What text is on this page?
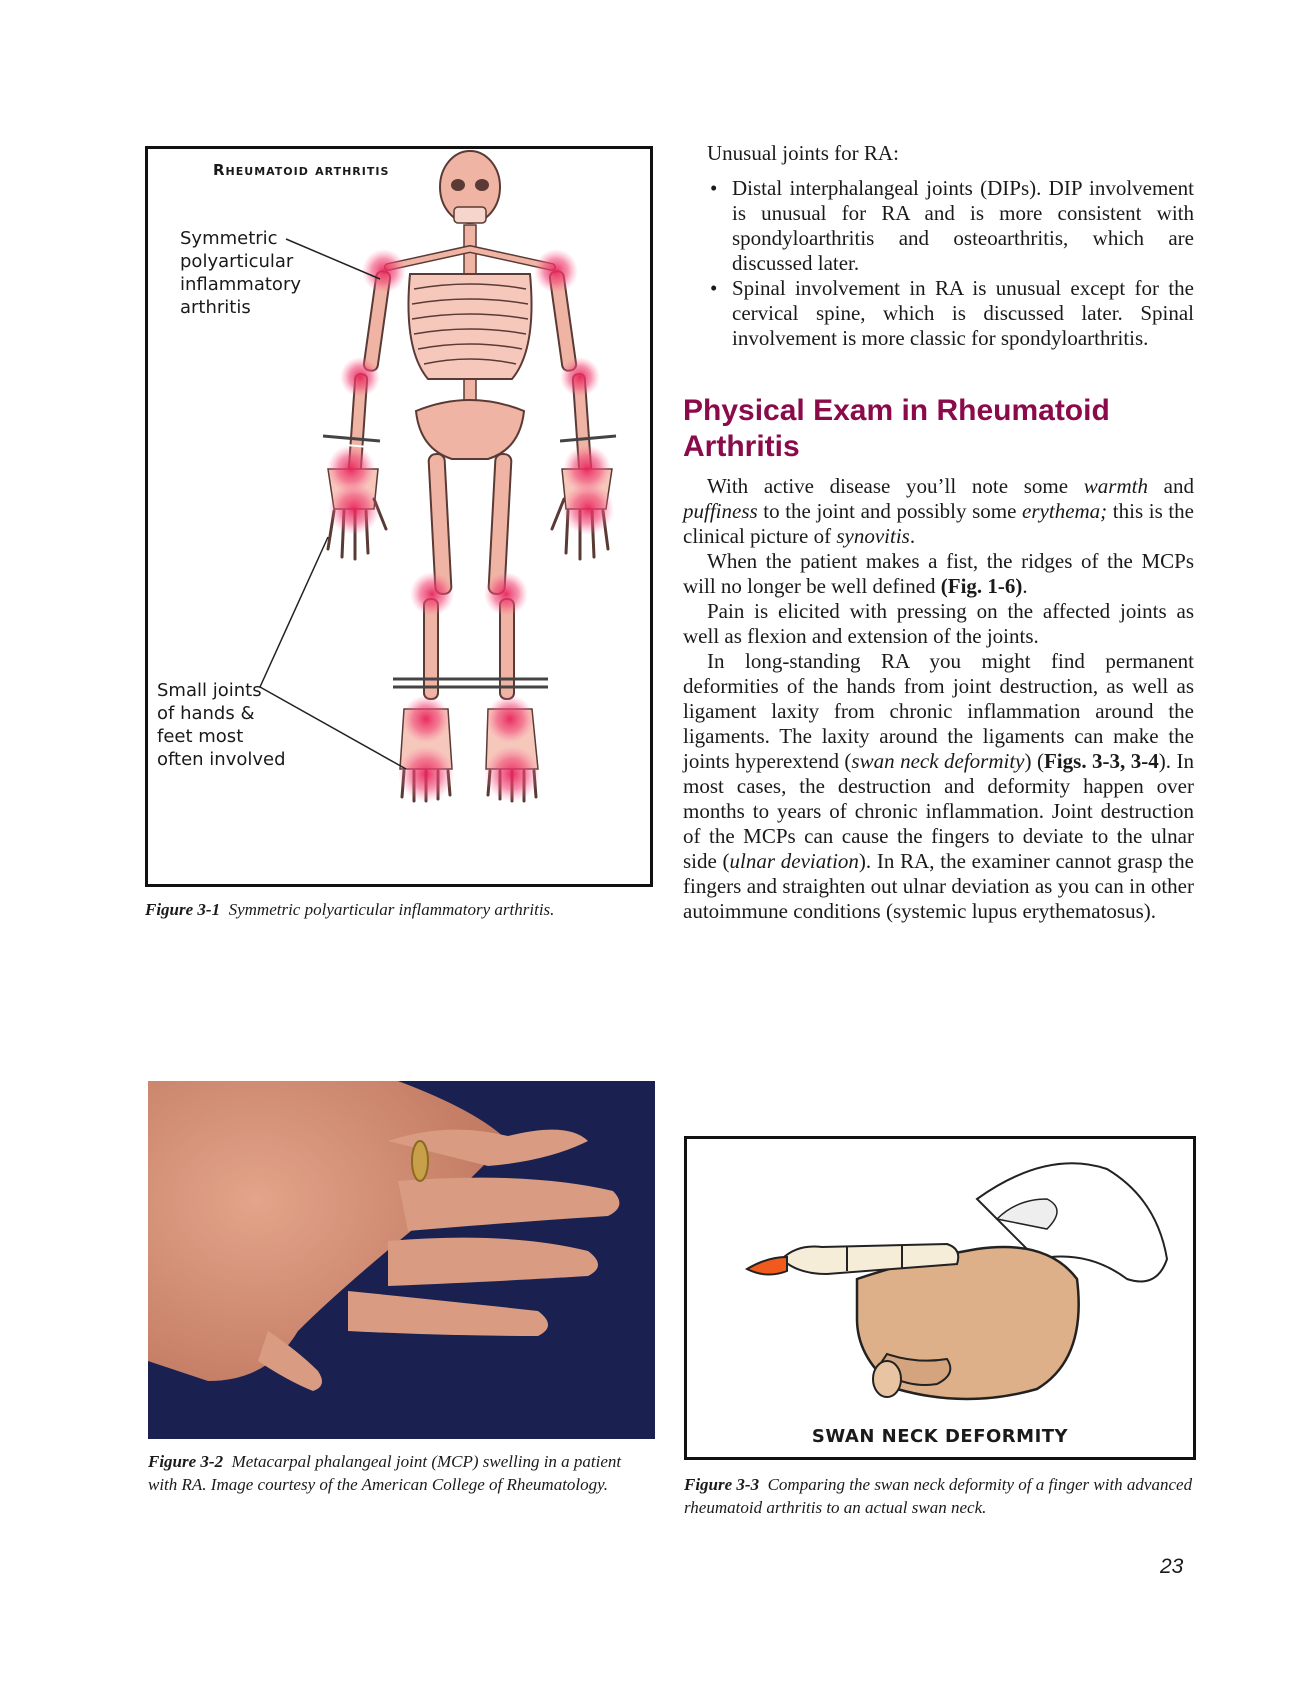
Rheumatoid arthritis
Symmetric
polyarticular
inflammatory
arthritis
Small joints
of hands &
feet most
often involved
Figure 3-1 Symmetric polyarticular inflammatory arthritis.
Unusual joints for RA:
• Distal interphalangeal joints (DIPs). DIP involvement is unusual for RA and is more consistent with spondyloarthritis and osteoarthritis, which are discussed later.
• Spinal involvement in RA is unusual except for the cervical spine, which is discussed later. Spinal involvement is more classic for spondyloarthritis.
Physical Exam in Rheumatoid Arthritis

With active disease you’ll note some warmth and puffiness to the joint and possibly some erythema; this is the clinical picture of synovitis.

When the patient makes a fist, the ridges of the MCPs will no longer be well defined (Fig. 1-6).

Pain is elicited with pressing on the affected joints as well as flexion and extension of the joints.

In long-standing RA you might find permanent deformities of the hands from joint destruction, as well as ligament laxity from chronic inflammation around the ligaments. The laxity around the ligaments can make the joints hyperextend (swan neck deformity) (Figs. 3-3, 3-4). In most cases, the destruction and deformity happen over months to years of chronic inflammation. Joint destruction of the MCPs can cause the fingers to deviate to the ulnar side (ulnar deviation). In RA, the examiner cannot grasp the fingers and straighten out ulnar deviation as you can in other autoimmune conditions (systemic lupus erythematosus).

Figure 3-2 Metacarpal phalangeal joint (MCP) swelling in a patient with RA. Image courtesy of the American College of Rheumatology.
SWAN NECK DEFORMITY
Figure 3-3 Comparing the swan neck deformity of a finger with advanced rheumatoid arthritis to an actual swan neck.
23
